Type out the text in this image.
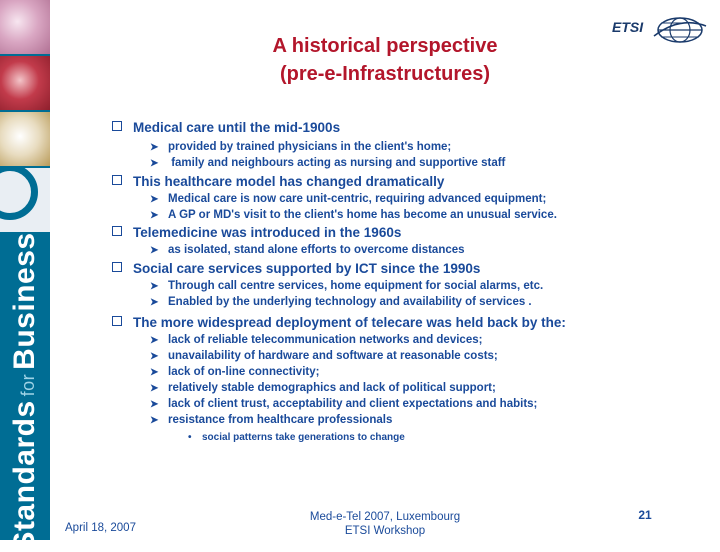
StandardsforBusiness
ETSI
A historical perspective
(pre-e-Infrastructures)
Medical care until the mid-1900s
➤ provided by trained physicians in the client's home;
➤ family and neighbours acting as nursing and supportive staff
This healthcare model has changed dramatically
➤ Medical care is now care unit-centric, requiring advanced equipment;
➤ A GP or MD's visit to the client's home has become an unusual service.
Telemedicine was introduced in the 1960s
➤ as isolated, stand alone efforts to overcome distances
Social care services supported by ICT since the 1990s
➤ Through call centre services, home equipment for social alarms, etc.
➤ Enabled by the underlying technology and availability of services .
The more widespread deployment of telecare was held back by the:
➤ lack of reliable telecommunication networks and devices;
➤ unavailability of hardware and software at reasonable costs;
➤ lack of on-line connectivity;
➤ relatively stable demographics and lack of political support;
➤ lack of client trust, acceptability and client expectations and habits;
➤ resistance from healthcare professionals
• social patterns take generations to change
April 18, 2007
Med-e-Tel 2007, Luxembourg
ETSI Workshop
21
